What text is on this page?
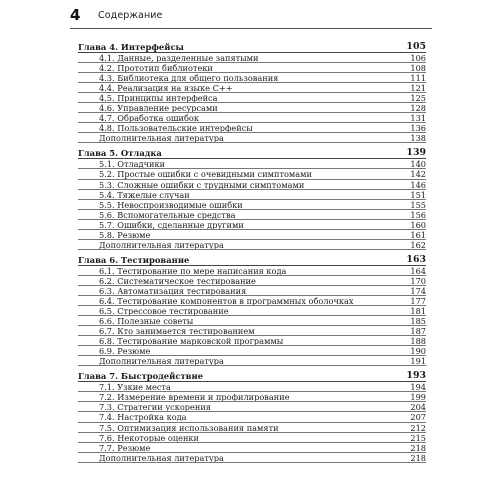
4	Содержание
Глава 4. Интерфейсы	105
4.1. Данные, разделенные запятыми	106
4.2. Прототип библиотеки	108
4.3. Библиотека для общего пользования	111
4.4. Реализация на языке C++	121
4.5. Принципы интерфейса	125
4.6. Управление ресурсами	128
4.7. Обработка ошибок	131
4.8. Пользовательские интерфейсы	136
Дополнительная литература	138
Глава 5. Отладка	139
5.1. Отладчики	140
5.2. Простые ошибки с очевидными симптомами	142
5.3. Сложные ошибки с трудными симптомами	146
5.4. Тяжелые случаи	151
5.5. Невоспроизводимые ошибки	155
5.6. Вспомогательные средства	156
5.7. Ошибки, сделанные другими	160
5.8. Резюме	161
Дополнительная литература	162
Глава 6. Тестирование	163
6.1. Тестирование по мере написания кода	164
6.2. Систематическое тестирование	170
6.3. Автоматизация тестирования	174
6.4. Тестирование компонентов в программных оболочках	177
6.5. Стрессовое тестирование	181
6.6. Полезные советы	185
6.7. Кто занимается тестированием	187
6.8. Тестирование марковской программы	188
6.9. Резюме	190
Дополнительная литература	191
Глава 7. Быстродействие	193
7.1. Узкие места	194
7.2. Измерение времени и профилирование	199
7.3. Стратегии ускорения	204
7.4. Настройка кода	207
7.5. Оптимизация использования памяти	212
7.6. Некоторые оценки	215
7.7. Резюме	218
Дополнительная литература	218
